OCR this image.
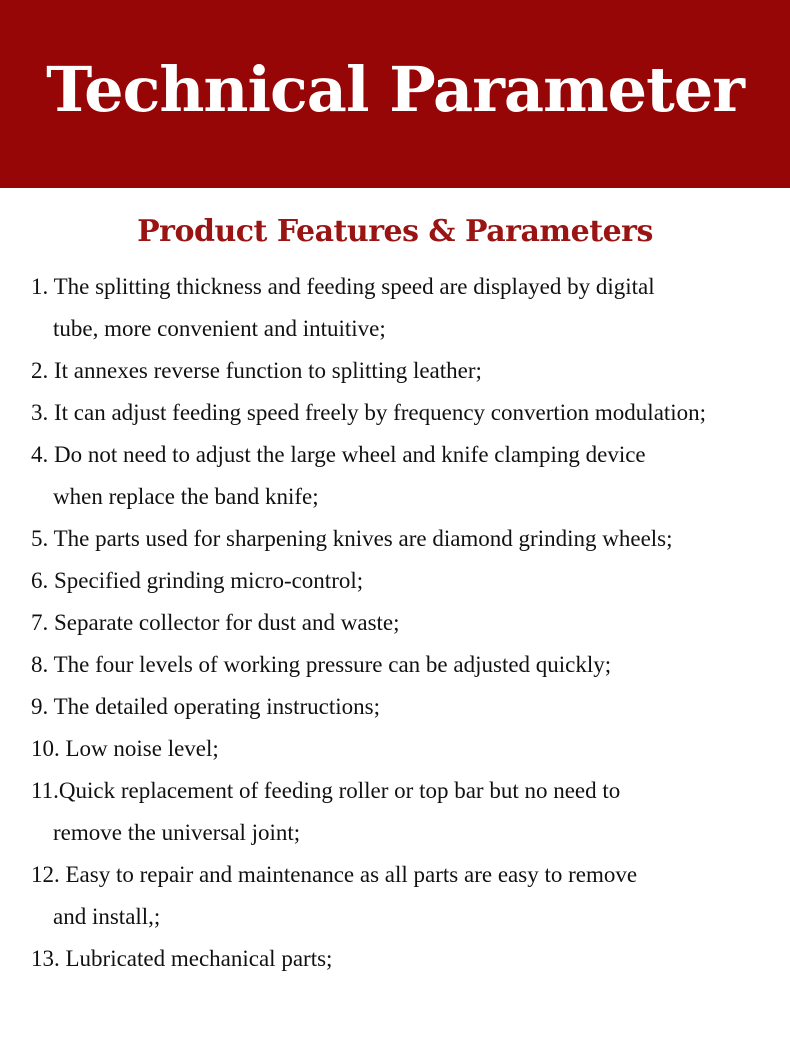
Technical Parameter
Product Features & Parameters
1. The splitting thickness and feeding speed are displayed by digital
tube, more convenient and intuitive;
2. It annexes reverse function to splitting leather;
3. It can adjust feeding speed freely by frequency convertion modulation;
4. Do not need to adjust the large wheel and knife clamping device
when replace the band knife;
5. The parts used for sharpening knives are diamond grinding wheels;
6. Specified grinding micro-control;
7. Separate collector for dust and waste;
8. The four levels of working pressure can be adjusted quickly;
9. The detailed operating instructions;
10. Low noise level;
11.Quick replacement of feeding roller or top bar but no need to
remove the universal joint;
12. Easy to repair and maintenance as all parts are easy to remove
and install,;
13. Lubricated mechanical parts;
